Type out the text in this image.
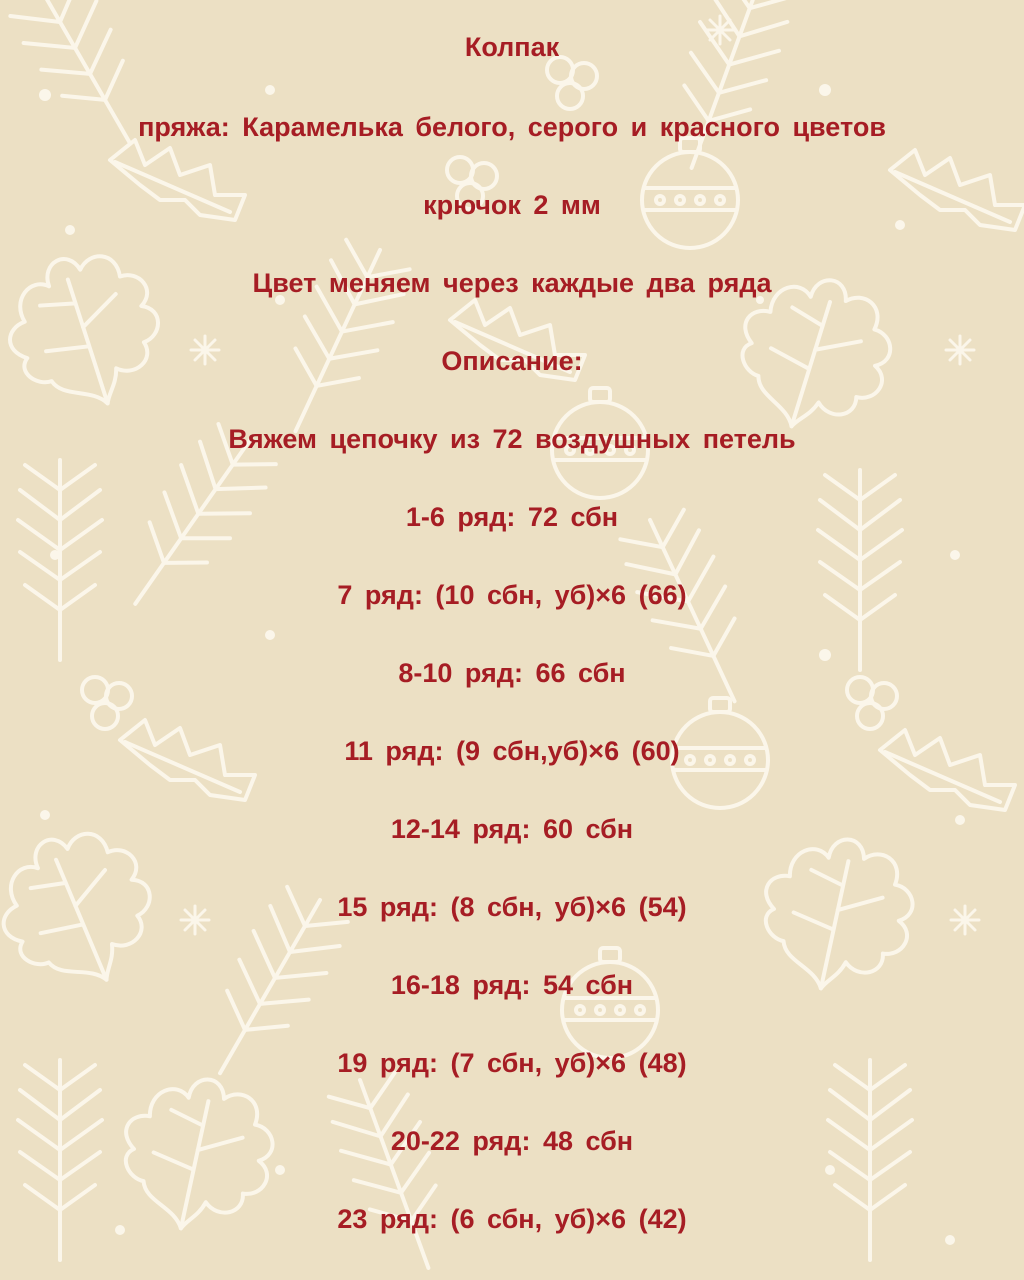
Колпак
пряжа: Карамелька белого, серого и красного цветов
крючок 2 мм
Цвет меняем через каждые два ряда
Описание:
Вяжем цепочку из 72 воздушных петель
1-6 ряд: 72 сбн
7 ряд: (10 сбн, уб)×6 (66)
8-10 ряд: 66 сбн
11 ряд: (9 сбн,уб)×6 (60)
12-14 ряд: 60 сбн
15 ряд: (8 сбн, уб)×6 (54)
16-18 ряд: 54 сбн
19 ряд: (7 сбн, уб)×6 (48)
20-22 ряд: 48 сбн
23 ряд: (6 сбн, уб)×6 (42)
